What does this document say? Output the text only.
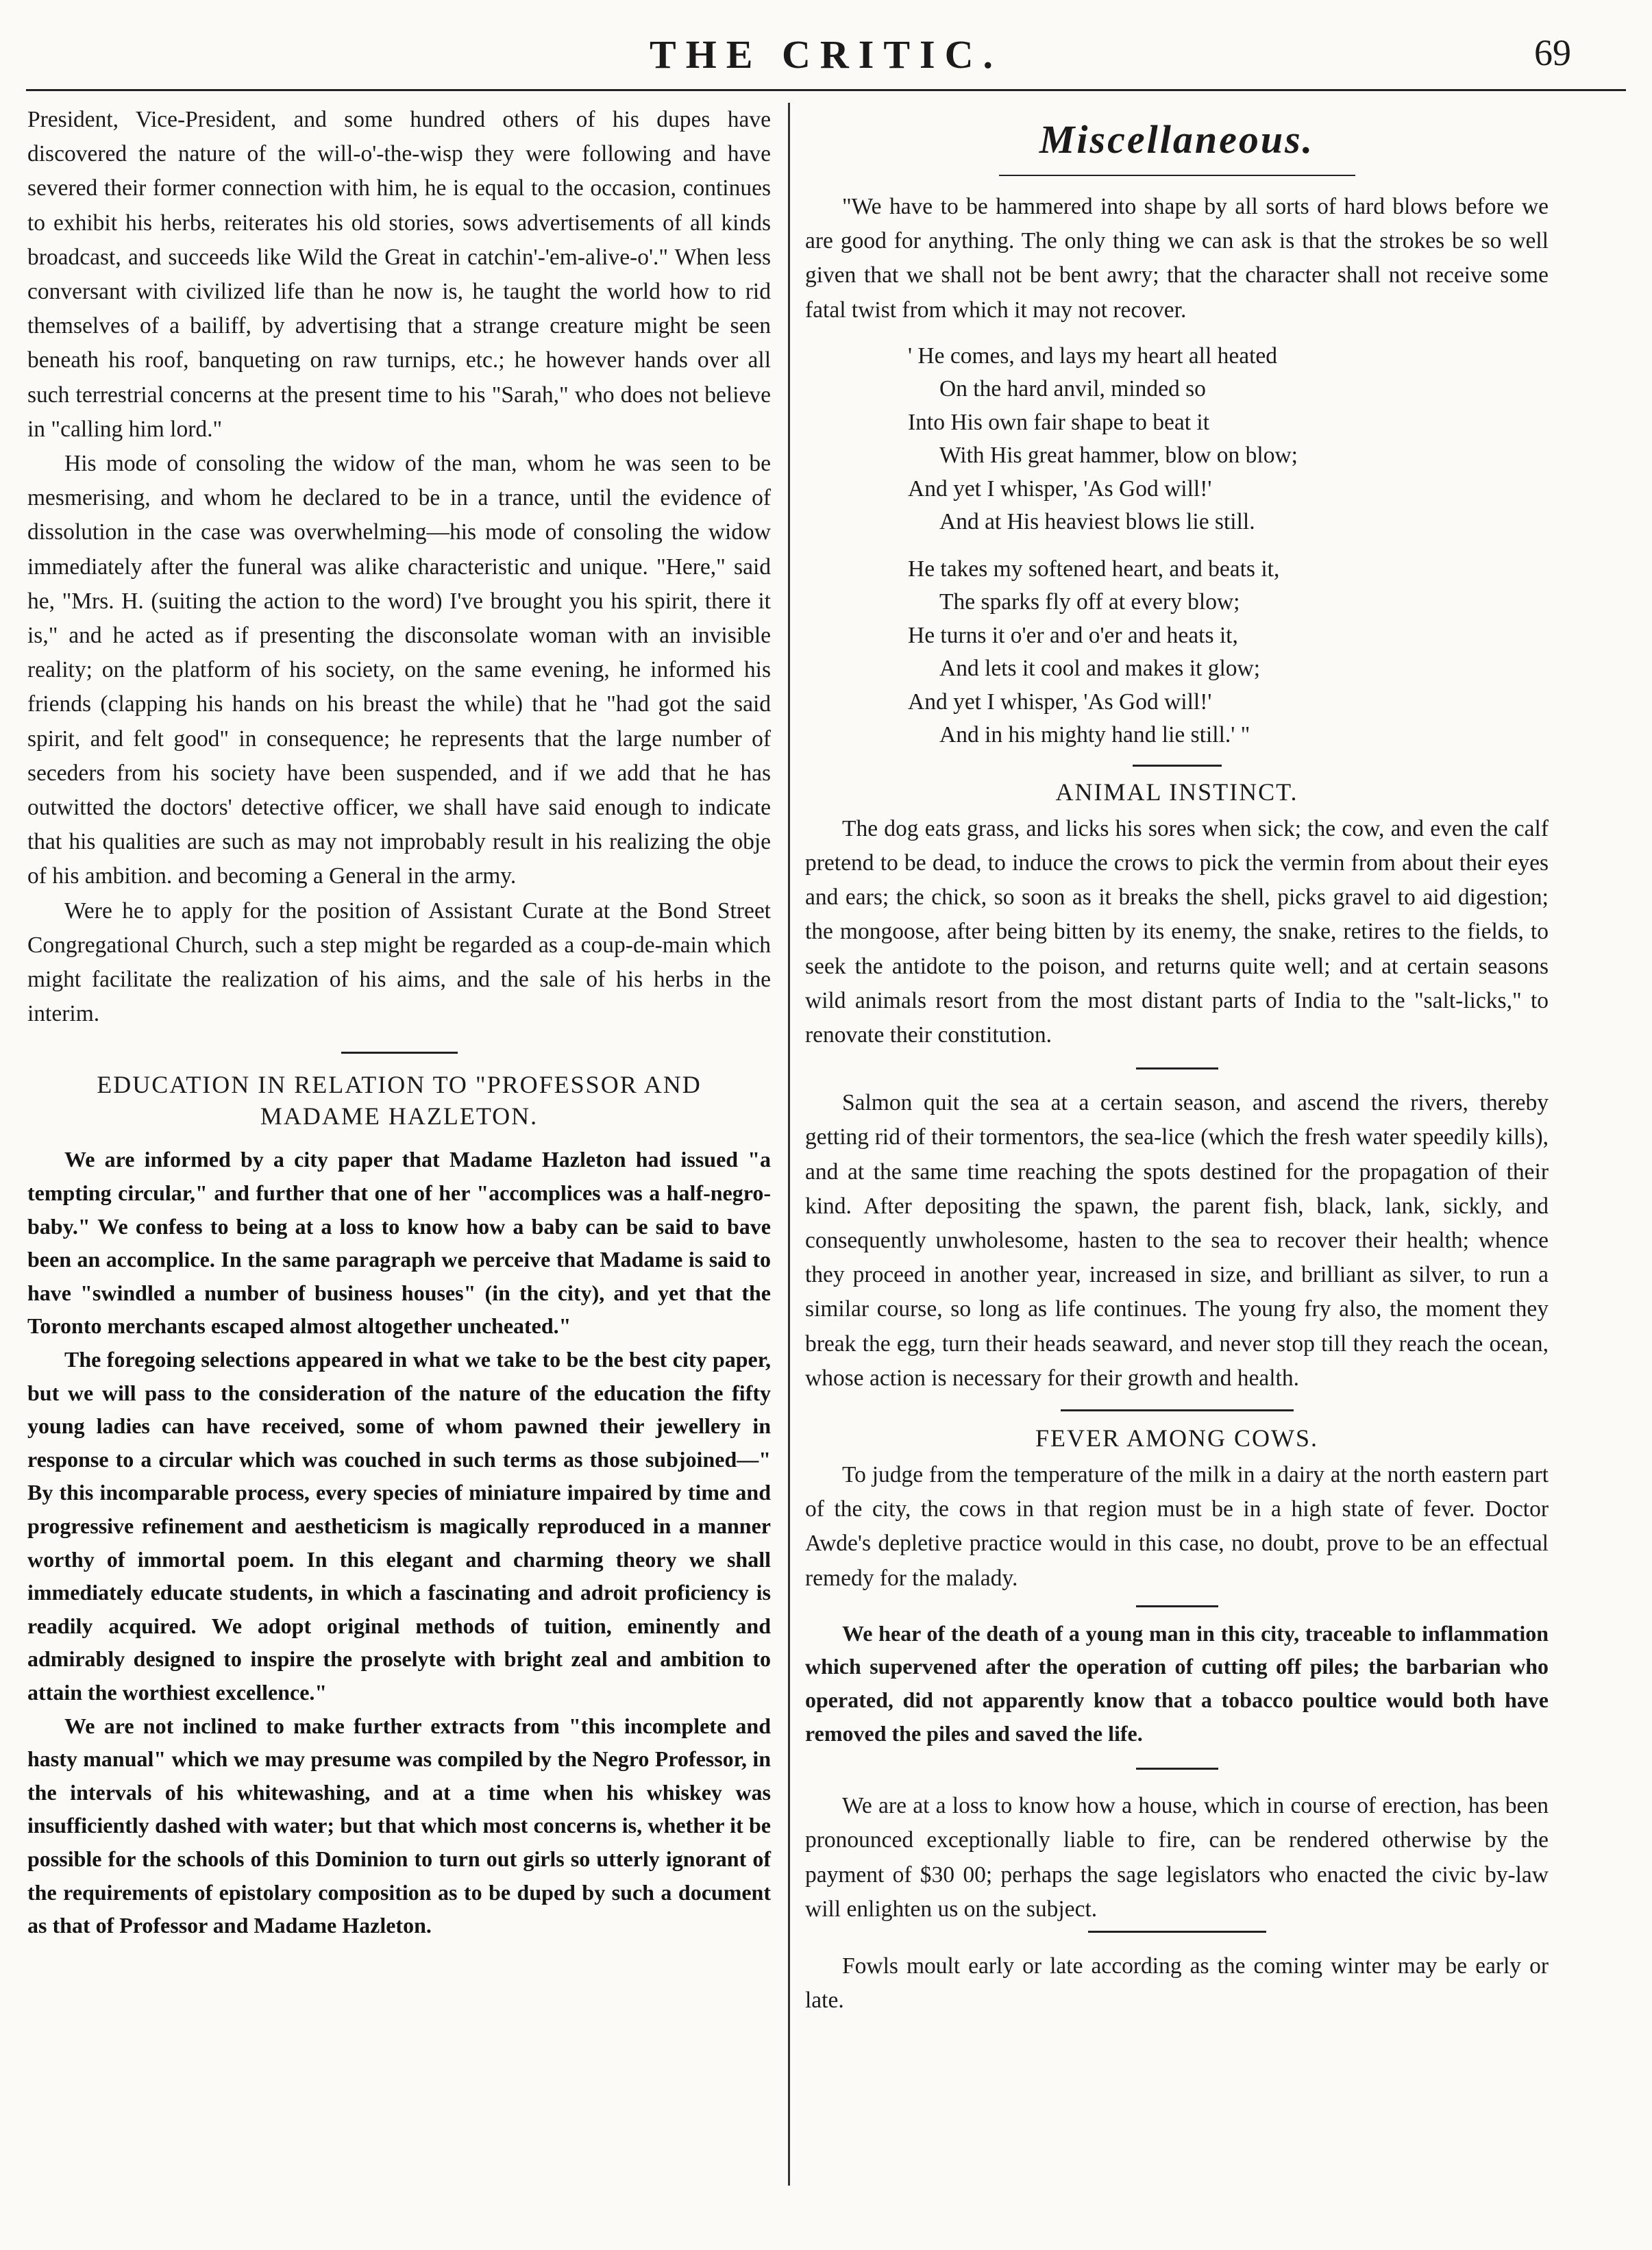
THE CRITIC.	69

President, Vice-President, and some hundred others of his dupes have discovered the nature of the will-o'-the-wisp they were following and have severed their former connection with him, he is equal to the occasion, continues to exhibit his herbs, reiterates his old stories, sows advertisements of all kinds broadcast, and succeeds like Wild the Great in catchin'-'em-alive-o'." When less conversant with civilized life than he now is, he taught the world how to rid themselves of a bailiff, by advertising that a strange creature might be seen beneath his roof, banqueting on raw turnips, etc.; he however hands over all such terrestrial concerns at the present time to his "Sarah," who does not believe in "calling him lord."

His mode of consoling the widow of the man, whom he was seen to be mesmerising, and whom he declared to be in a trance, until the evidence of dissolution in the case was overwhelming—his mode of consoling the widow immediately after the funeral was alike characteristic and unique. "Here," said he, "Mrs. H. (suiting the action to the word) I've brought you his spirit, there it is," and he acted as if presenting the disconsolate woman with an invisible reality; on the platform of his society, on the same evening, he informed his friends (clapping his hands on his breast the while) that he "had got the said spirit, and felt good" in consequence; he represents that the large number of seceders from his society have been suspended, and if we add that he has outwitted the doctors' detective officer, we shall have said enough to indicate that his qualities are such as may not improbably result in his realizing the obje of his ambition. and becoming a General in the army.

Were he to apply for the position of Assistant Curate at the Bond Street Congregational Church, such a step might be regarded as a coup-de-main which might facilitate the realization of his aims, and the sale of his herbs in the interim.

EDUCATION IN RELATION TO "PROFESSOR AND
MADAME HAZLETON.

We are informed by a city paper that Madame Hazleton had issued "a tempting circular," and further that one of her "accomplices was a half-negro-baby." We confess to being at a loss to know how a baby can be said to bave been an accomplice. In the same paragraph we perceive that Madame is said to have "swindled a number of business houses" (in the city), and yet that the Toronto merchants escaped almost altogether uncheated."

The foregoing selections appeared in what we take to be the best city paper, but we will pass to the consideration of the nature of the education the fifty young ladies can have received, some of whom pawned their jewellery in response to a circular which was couched in such terms as those subjoined—" By this incomparable process, every species of miniature impaired by time and progressive refinement and aestheticism is magically reproduced in a manner worthy of immortal poem. In this elegant and charming theory we shall immediately educate students, in which a fascinating and adroit proficiency is readily acquired. We adopt original methods of tuition, eminently and admirably designed to inspire the proselyte with bright zeal and ambition to attain the worthiest excellence."

We are not inclined to make further extracts from "this incomplete and hasty manual" which we may presume was compiled by the Negro Professor, in the intervals of his whitewashing, and at a time when his whiskey was insufficiently dashed with water; but that which most concerns is, whether it be possible for the schools of this Dominion to turn out girls so utterly ignorant of the requirements of epistolary composition as to be duped by such a document as that of Professor and Madame Hazleton.

Miscellaneous.

"We have to be hammered into shape by all sorts of hard blows before we are good for anything. The only thing we can ask is that the strokes be so well given that we shall not be bent awry; that the character shall not receive some fatal twist from which it may not recover.

' He comes, and lays my heart all heated
On the hard anvil, minded so
Into His own fair shape to beat it
With His great hammer, blow on blow;
And yet I whisper, 'As God will!'
And at His heaviest blows lie still.
He takes my softened heart, and beats it,
The sparks fly off at every blow;
He turns it o'er and o'er and heats it,
And lets it cool and makes it glow;
And yet I whisper, 'As God will!'
And in his mighty hand lie still.' "
ANIMAL INSTINCT.

The dog eats grass, and licks his sores when sick; the cow, and even the calf pretend to be dead, to induce the crows to pick the vermin from about their eyes and ears; the chick, so soon as it breaks the shell, picks gravel to aid digestion; the mongoose, after being bitten by its enemy, the snake, retires to the fields, to seek the antidote to the poison, and returns quite well; and at certain seasons wild animals resort from the most distant parts of India to the "salt-licks," to renovate their constitution.

Salmon quit the sea at a certain season, and ascend the rivers, thereby getting rid of their tormentors, the sea-lice (which the fresh water speedily kills), and at the same time reaching the spots destined for the propagation of their kind. After depositing the spawn, the parent fish, black, lank, sickly, and consequently unwholesome, hasten to the sea to recover their health; whence they proceed in another year, increased in size, and brilliant as silver, to run a similar course, so long as life continues. The young fry also, the moment they break the egg, turn their heads seaward, and never stop till they reach the ocean, whose action is necessary for their growth and health.

FEVER AMONG COWS.

To judge from the temperature of the milk in a dairy at the north eastern part of the city, the cows in that region must be in a high state of fever. Doctor Awde's depletive practice would in this case, no doubt, prove to be an effectual remedy for the malady.

We hear of the death of a young man in this city, traceable to inflammation which supervened after the operation of cutting off piles; the barbarian who operated, did not apparently know that a tobacco poultice would both have removed the piles and saved the life.

We are at a loss to know how a house, which in course of erection, has been pronounced exceptionally liable to fire, can be rendered otherwise by the payment of $30 00; perhaps the sage legislators who enacted the civic by-law will enlighten us on the subject.

Fowls moult early or late according as the coming winter may be early or late.
